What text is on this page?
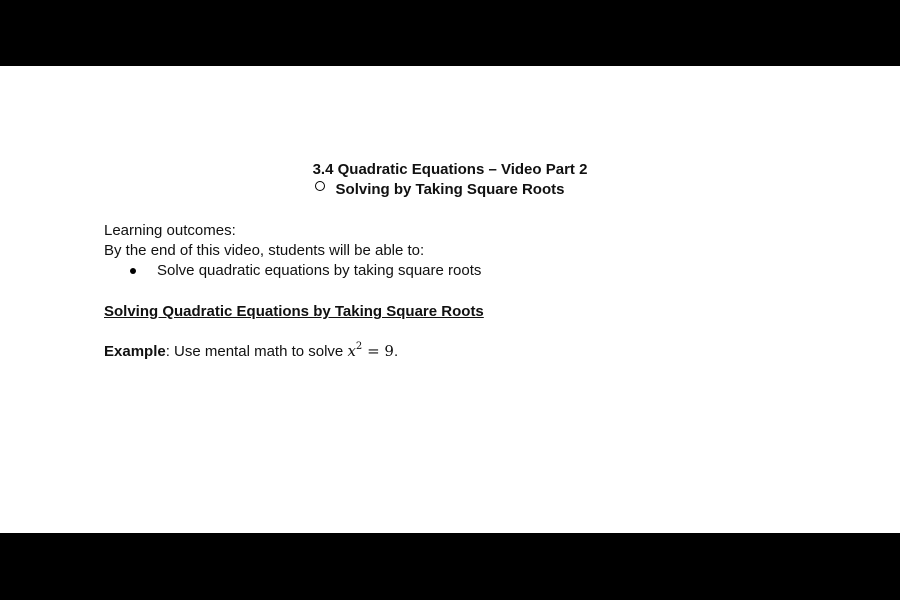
3.4 Quadratic Equations – Video Part 2
Solving by Taking Square Roots
Learning outcomes:
By the end of this video, students will be able to:
Solve quadratic equations by taking square roots
Solving Quadratic Equations by Taking Square Roots
Example: Use mental math to solve $x^2 = 9$.
